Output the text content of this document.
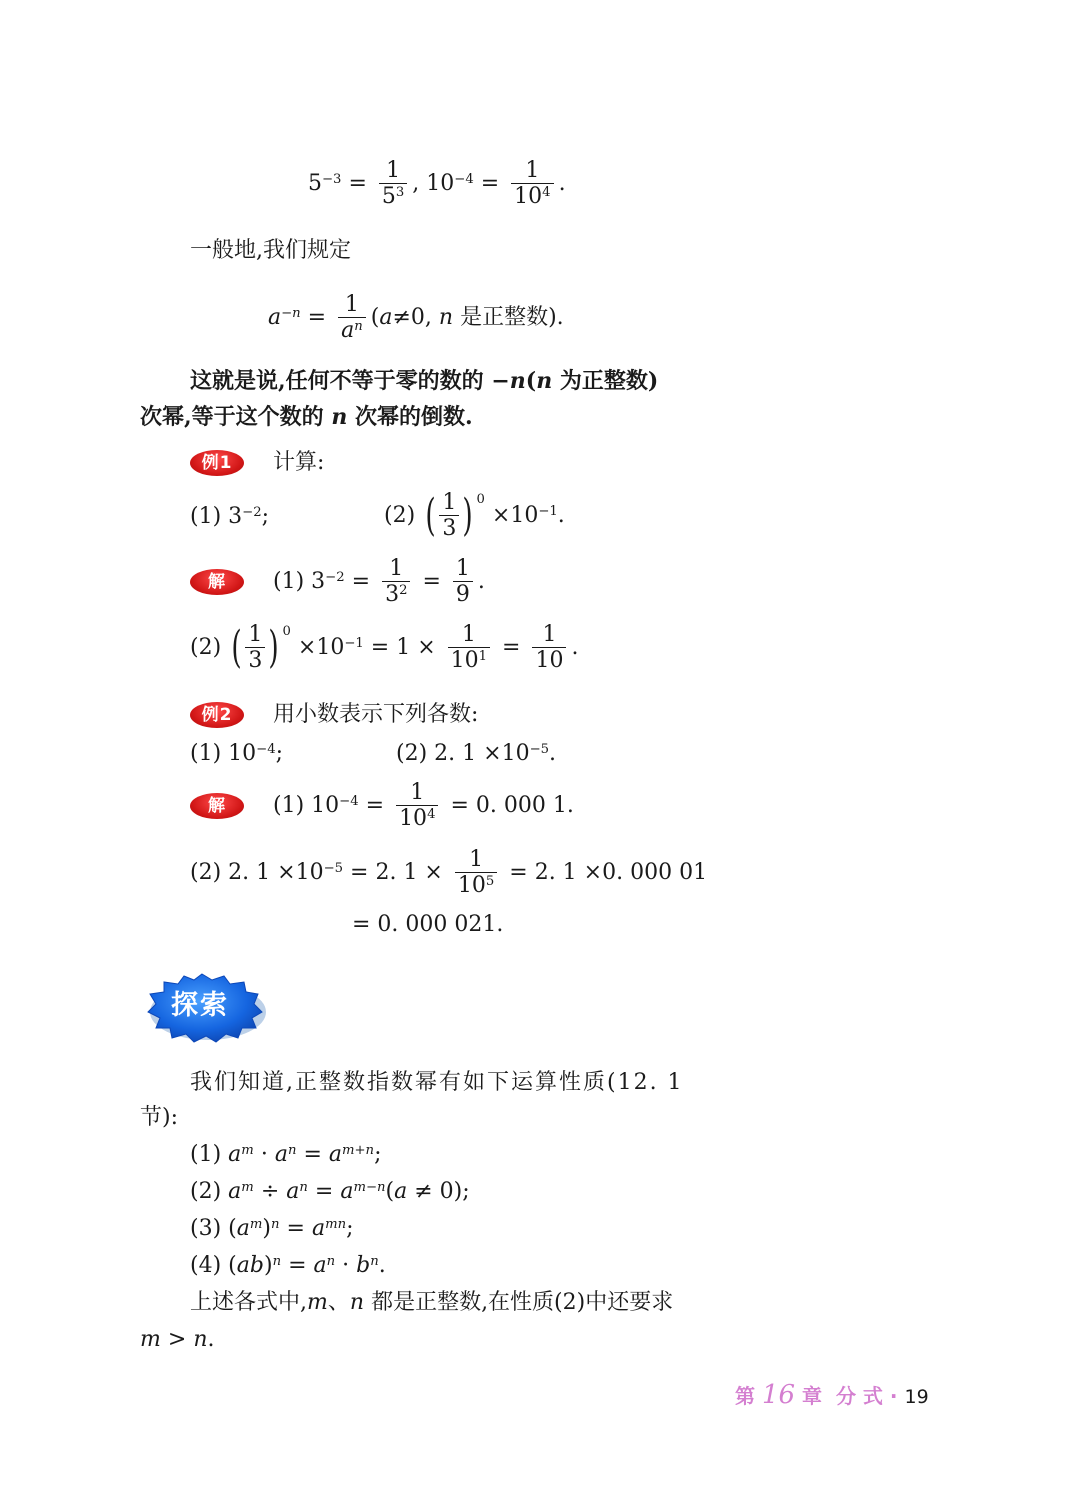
$5^{-3} = \frac{1}{5^3}$ , $10^{-4} = \frac{1}{10^4}$ .
一般地,我们规定
$a^{-n} = \frac{1}{a^n} (a\ne 0$, n 是正整数).
这就是说,任何不等于零的数的 −n(n 为正整数)
次幂,等于这个数的 n 次幂的倒数.
例1 计算:
(1) $3^{-2}$;	(2) ( $\frac{1}{3}$ ) $^0 \times 10^{-1}$.
解 (1) $3^{-2} = \frac{1}{3^2} = \frac{1}{9}$ .
(2) ( $\frac{1}{3}$ ) $^0 \times 10^{-1} = 1 \times \frac{1}{10^1} = \frac{1}{10}$ .
例2 用小数表示下列各数:
(1) $10^{-4}$;	(2) 2. $1 \times 10^{-5}$.
解 (1) $10^{-4} = \frac{1}{10^4} = 0$. 000 1.
(2) 2. $1 \times 10^{-5} = 2$. $1 \times \frac{1}{10^5} = 2$. 1 ×0. 000 01
= 0. 000 021.
探索
我们知道,正整数指数幂有如下运算性质(12. 1
节):
(1) $a^m \cdot a^n = a^{m+n}$;
(2) $a^m \div a^n = a^{m-n}(a \ne 0)$;
(3) $(a^m)^n = a^{mn}$;
(4) $(ab)^n = a^n \cdot b^n$.
上述各式中,m、n 都是正整数,在性质(2)中还要求
m > n.
第 16 章 分 式 · 19
